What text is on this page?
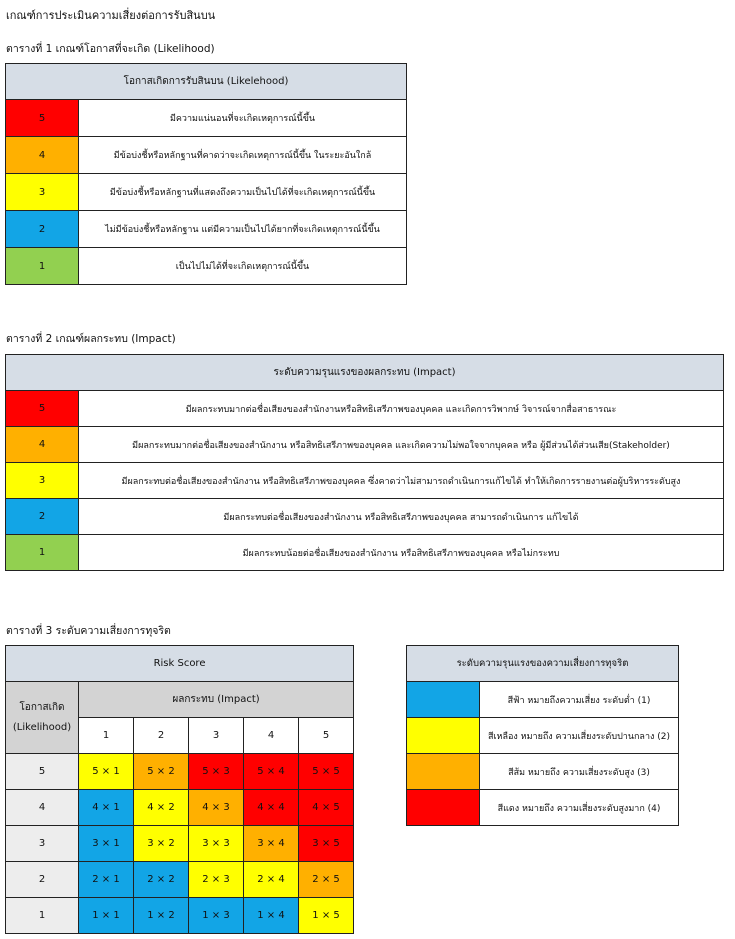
เกณฑ์การประเมินความเสี่ยงต่อการรับสินบน
ตารางที่ 1 เกณฑ์โอกาสที่จะเกิด (Likelihood)
โอกาสเกิดการรับสินบน (Likelehood)	
5	มีความแน่นอนที่จะเกิดเหตุการณ์นี้ขึ้น
4	มีข้อบ่งชี้หรือหลักฐานที่คาดว่าจะเกิดเหตุการณ์นี้ขึ้น ในระยะอันใกล้
3	มีข้อบ่งชี้หรือหลักฐานที่แสดงถึงความเป็นไปได้ที่จะเกิดเหตุการณ์นี้ขึ้น
2	ไม่มีข้อบ่งชี้หรือหลักฐาน แต่มีความเป็นไปได้ยากที่จะเกิดเหตุการณ์นี้ขึ้น
1	เป็นไปไม่ได้ที่จะเกิดเหตุการณ์นี้ขึ้น
ตารางที่ 2 เกณฑ์ผลกระทบ (Impact)
ระดับความรุนแรงของผลกระทบ (Impact)	
5	มีผลกระทบมากต่อชื่อเสียงของสำนักงานหรือสิทธิเสรีภาพของบุคคล และเกิดการวิพากษ์ วิจารณ์จากสื่อสาธารณะ
4	มีผลกระทบมากต่อชื่อเสียงของสำนักงาน หรือสิทธิเสรีภาพของบุคคล และเกิดความไม่พอใจจากบุคคล หรือ ผู้มีส่วนได้ส่วนเสีย(Stakeholder)
3	มีผลกระทบต่อชื่อเสียงของสำนักงาน หรือสิทธิเสรีภาพของบุคคล ซึ่งคาดว่าไม่สามารถดำเนินการแก้ไขได้ ทำให้เกิดการรายงานต่อผู้บริหารระดับสูง
2	มีผลกระทบต่อชื่อเสียงของสำนักงาน หรือสิทธิเสรีภาพของบุคคล สามารถดำเนินการ แก้ไขได้
1	มีผลกระทบน้อยต่อชื่อเสียงของสำนักงาน หรือสิทธิเสรีภาพของบุคคล หรือไม่กระทบ
ตารางที่ 3 ระดับความเสี่ยงการทุจริต
Risk Score					

โอกาสเกิด
(Likelihood)	ผลกระทบ (Impact)				
	1	2	3	4	5
5	5 × 1	5 × 2	5 × 3	5 × 4	5 × 5
4	4 × 1	4 × 2	4 × 3	4 × 4	4 × 5
3	3 × 1	3 × 2	3 × 3	3 × 4	3 × 5
2	2 × 1	2 × 2	2 × 3	2 × 4	2 × 5
1	1 × 1	1 × 2	1 × 3	1 × 4	1 × 5
ระดับความรุนแรงของความเสี่ยงการทุจริต	
	สีฟ้า หมายถึงความเสี่ยง ระดับต่ำ (1)
	สีเหลือง หมายถึง ความเสี่ยงระดับปานกลาง (2)
	สีส้ม หมายถึง ความเสี่ยงระดับสูง (3)
	สีแดง หมายถึง ความเสี่ยงระดับสูงมาก (4)
